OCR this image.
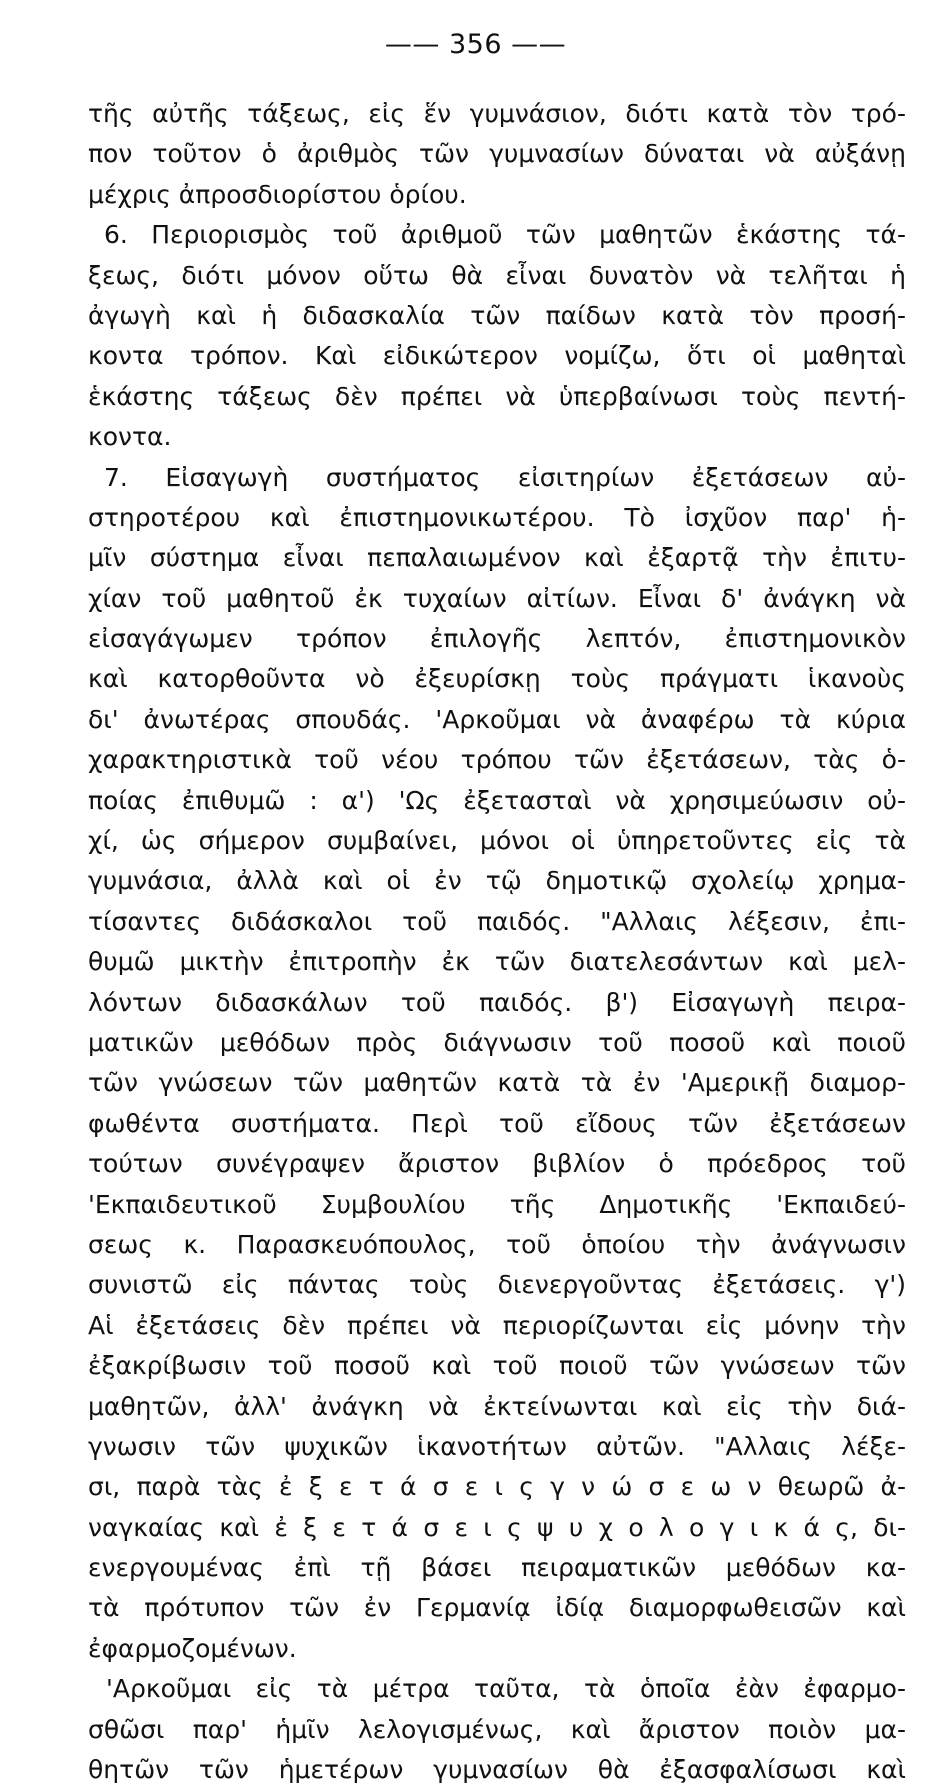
—— 356 ——
τῆς αὐτῆς τάξεως, εἰς ἕν γυμνάσιον, διότι κατὰ τὸν τρό-
πον τοῦτον ὁ ἀριθμὸς τῶν γυμνασίων δύναται νὰ αὐξάνῃ
μέχρις ἀπροσδιορίστου ὁρίου.
6. Περιορισμὸς τοῦ ἀριθμοῦ τῶν μαθητῶν ἑκάστης τά-
ξεως, διότι μόνον οὕτω θὰ εἶναι δυνατὸν νὰ τελῆται ἡ
ἀγωγὴ καὶ ἡ διδασκαλία τῶν παίδων κατὰ τὸν προσή-
κοντα τρόπον. Καὶ εἰδικώτερον νομίζω, ὅτι οἱ μαθηταὶ
ἑκάστης τάξεως δὲν πρέπει νὰ ὑπερβαίνωσι τοὺς πεντή-
κοντα.
7. Εἰσαγωγὴ συστήματος εἰσιτηρίων ἐξετάσεων αὐ-
στηροτέρου καὶ ἐπιστημονικωτέρου. Τὸ ἰσχῦον παρ' ἡ-
μῖν σύστημα εἶναι πεπαλαιωμένον καὶ ἐξαρτᾷ τὴν ἐπιτυ-
χίαν τοῦ μαθητοῦ ἐκ τυχαίων αἰτίων. Εἶναι δ' ἀνάγκη νὰ
εἰσαγάγωμεν τρόπον ἐπιλογῆς λεπτόν, ἐπιστημονικὸν
καὶ κατορθοῦντα νὸ ἐξευρίσκῃ τοὺς πράγματι ἱκανοὺς
δι' ἀνωτέρας σπουδάς. 'Αρκοῦμαι νὰ ἀναφέρω τὰ κύρια
χαρακτηριστικὰ τοῦ νέου τρόπου τῶν ἐξετάσεων, τὰς ὁ-
ποίας ἐπιθυμῶ : α') 'Ως ἐξετασταὶ νὰ χρησιμεύωσιν οὐ-
χί, ὡς σήμερον συμβαίνει, μόνοι οἱ ὑπηρετοῦντες εἰς τὰ
γυμνάσια, ἀλλὰ καὶ οἱ ἐν τῷ δημοτικῷ σχολείῳ χρημα-
τίσαντες διδάσκαλοι τοῦ παιδός. "Αλλαις λέξεσιν, ἐπι-
θυμῶ μικτὴν ἐπιτροπὴν ἐκ τῶν διατελεσάντων καὶ μελ-
λόντων διδασκάλων τοῦ παιδός. β') Εἰσαγωγὴ πειρα-
ματικῶν μεθόδων πρὸς διάγνωσιν τοῦ ποσοῦ καὶ ποιοῦ
τῶν γνώσεων τῶν μαθητῶν κατὰ τὰ ἐν 'Αμερικῇ διαμορ-
φωθέντα συστήματα. Περὶ τοῦ εἴδους τῶν ἐξετάσεων
τούτων συνέγραψεν ἄριστον βιβλίον ὁ πρόεδρος τοῦ
'Εκπαιδευτικοῦ Συμβουλίου τῆς Δημοτικῆς 'Εκπαιδεύ-
σεως κ. Παρασκευόπουλος, τοῦ ὁποίου τὴν ἀνάγνωσιν
συνιστῶ εἰς πάντας τοὺς διενεργοῦντας ἐξετάσεις. γ')
Αἱ ἐξετάσεις δὲν πρέπει νὰ περιορίζωνται εἰς μόνην τὴν
ἐξακρίβωσιν τοῦ ποσοῦ καὶ τοῦ ποιοῦ τῶν γνώσεων τῶν
μαθητῶν, ἀλλ' ἀνάγκη νὰ ἐκτείνωνται καὶ εἰς τὴν διά-
γνωσιν τῶν ψυχικῶν ἱκανοτήτων αὐτῶν. "Αλλαις λέξε-
σι, παρὰ τὰς ἐ ξ ε τ ά σ ε ι ς γ ν ώ σ ε ω ν θεωρῶ ἀ-
ναγκαίας καὶ ἐ ξ ε τ ά σ ε ι ς ψ υ χ ο λ ο γ ι κ ά ς, δι-
ενεργουμένας ἐπὶ τῇ βάσει πειραματικῶν μεθόδων κα-
τὰ πρότυπον τῶν ἐν Γερμανίᾳ ἰδίᾳ διαμορφωθεισῶν καὶ
ἐφαρμοζομένων.
'Αρκοῦμαι εἰς τὰ μέτρα ταῦτα, τὰ ὁποῖα ἐὰν ἐφαρμο-
σθῶσι παρ' ἡμῖν λελογισμένως, καὶ ἄριστον ποιὸν μα-
θητῶν τῶν ἡμετέρων γυμνασίων θὰ ἐξασφαλίσωσι καὶ
